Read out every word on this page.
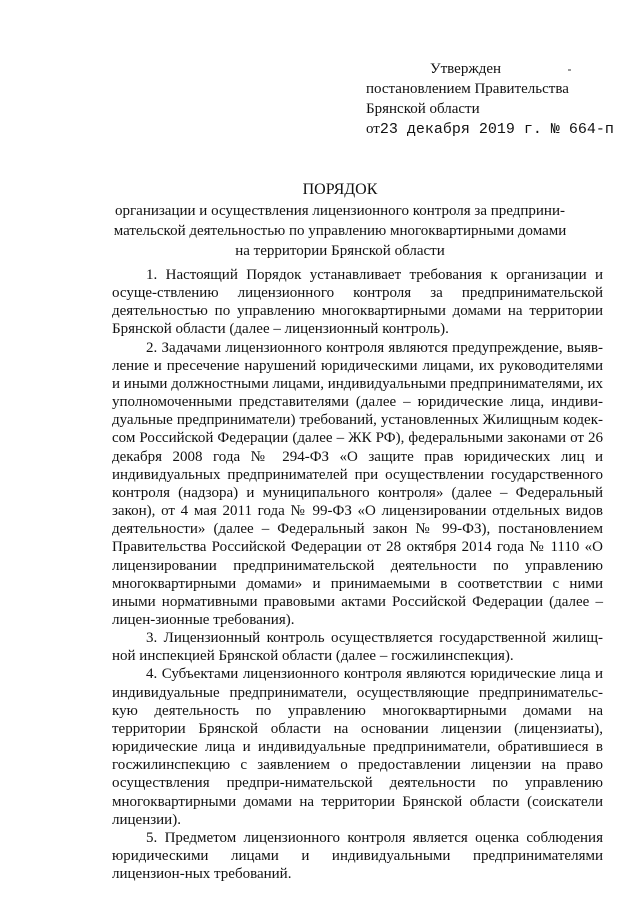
Утвержден
постановлением Правительства
Брянской области
от23 декабря 2019 г. № 664-п
ПОРЯДОК
организации и осуществления лицензионного контроля за предприни-
мательской деятельностью по управлению многоквартирными домами
на территории Брянской области

1. Настоящий Порядок устанавливает требования к организации и осуще-ствлению лицензионного контроля за предпринимательской деятельностью по управлению многоквартирными домами на территории Брянской области (далее – лицензионный контроль).

2. Задачами лицензионного контроля являются предупреждение, выяв-ление и пресечение нарушений юридическими лицами, их руководителями и иными должностными лицами, индивидуальными предпринимателями, их уполномоченными представителями (далее – юридические лица, индиви-дуальные предприниматели) требований, установленных Жилищным кодек-сом Российской Федерации (далее – ЖК РФ), федеральными законами от 26 декабря 2008 года № 294-ФЗ «О защите прав юридических лиц и индивидуальных предпринимателей при осуществлении государственного контроля (надзора) и муниципального контроля» (далее – Федеральный закон), от 4 мая 2011 года № 99-ФЗ «О лицензировании отдельных видов деятельности» (далее – Федеральный закон № 99-ФЗ), постановлением Правительства Российской Федерации от 28 октября 2014 года № 1110 «О лицензировании предпринимательской деятельности по управлению многоквартирными домами» и принимаемыми в соответствии с ними иными нормативными правовыми актами Российской Федерации (далее – лицен-зионные требования).

3. Лицензионный контроль осуществляется государственной жилищ-ной инспекцией Брянской области (далее – госжилинспекция).

4. Субъектами лицензионного контроля являются юридические лица и индивидуальные предприниматели, осуществляющие предпринимательс-кую деятельность по управлению многоквартирными домами на территории Брянской области на основании лицензии (лицензиаты), юридические лица и индивидуальные предприниматели, обратившиеся в госжилинспекцию с заявлением о предоставлении лицензии на право осуществления предпри-нимательской деятельности по управлению многоквартирными домами на территории Брянской области (соискатели лицензии).

5. Предметом лицензионного контроля является оценка соблюдения юридическими лицами и индивидуальными предпринимателями лицензион-ных требований.
